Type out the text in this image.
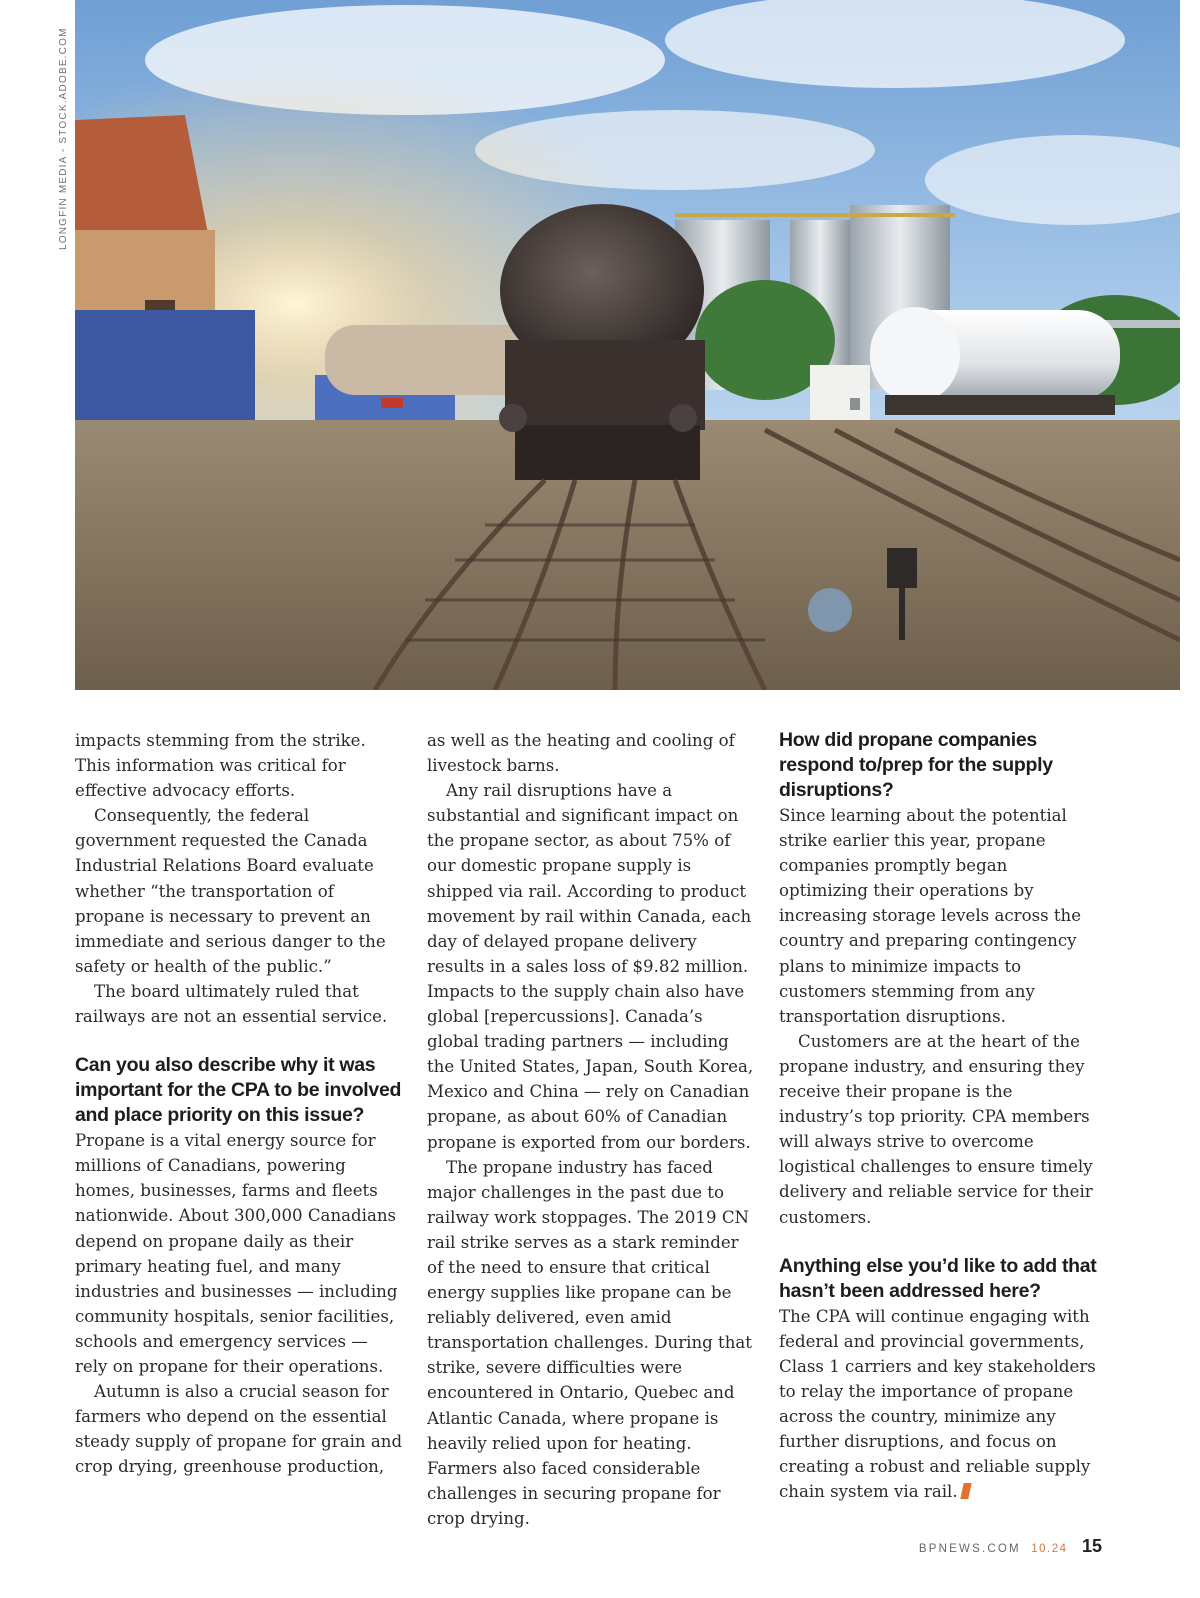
LONGFIN MEDIA - STOCK.ADOBE.COM

impacts stemming from the strike. This information was critical for effective advocacy efforts.

Consequently, the federal government requested the Canada Industrial Relations Board evaluate whether “the transportation of propane is necessary to prevent an immediate and serious danger to the safety or health of the public.”

The board ultimately ruled that railways are not an essential service.

Can you also describe why it was important for the CPA to be involved and place priority on this issue?

Propane is a vital energy source for millions of Canadians, powering homes, businesses, farms and fleets nationwide. About 300,000 Canadians depend on propane daily as their primary heating fuel, and many industries and businesses — including community hospitals, senior facilities, schools and emergency services — rely on propane for their operations.

Autumn is also a crucial season for farmers who depend on the essential steady supply of propane for grain and crop drying, greenhouse production,

as well as the heating and cooling of livestock barns.

Any rail disruptions have a substantial and significant impact on the propane sector, as about 75% of our domestic propane supply is shipped via rail. According to product movement by rail within Canada, each day of delayed propane delivery results in a sales loss of $9.82 million. Impacts to the supply chain also have global [repercussions]. Canada’s global trading partners — including the United States, Japan, South Korea, Mexico and China — rely on Canadian propane, as about 60% of Canadian propane is exported from our borders.

The propane industry has faced major challenges in the past due to railway work stoppages. The 2019 CN rail strike serves as a stark reminder of the need to ensure that critical energy supplies like propane can be reliably delivered, even amid transportation challenges. During that strike, severe difficulties were encountered in Ontario, Quebec and Atlantic Canada, where propane is heavily relied upon for heating. Farmers also faced considerable challenges in securing propane for crop drying.

How did propane companies respond to/prep for the supply disruptions?

Since learning about the potential strike earlier this year, propane companies promptly began optimizing their operations by increasing storage levels across the country and preparing contingency plans to minimize impacts to customers stemming from any transportation disruptions.

Customers are at the heart of the propane industry, and ensuring they receive their propane is the industry’s top priority. CPA members will always strive to overcome logistical challenges to ensure timely delivery and reliable service for their customers.

Anything else you’d like to add that hasn’t been addressed here?

The CPA will continue engaging with federal and provincial governments, Class 1 carriers and key stakeholders to relay the importance of propane across the country, minimize any further disruptions, and focus on creating a robust and reliable supply chain system via rail.

BPNEWS.COM 10.24 15
